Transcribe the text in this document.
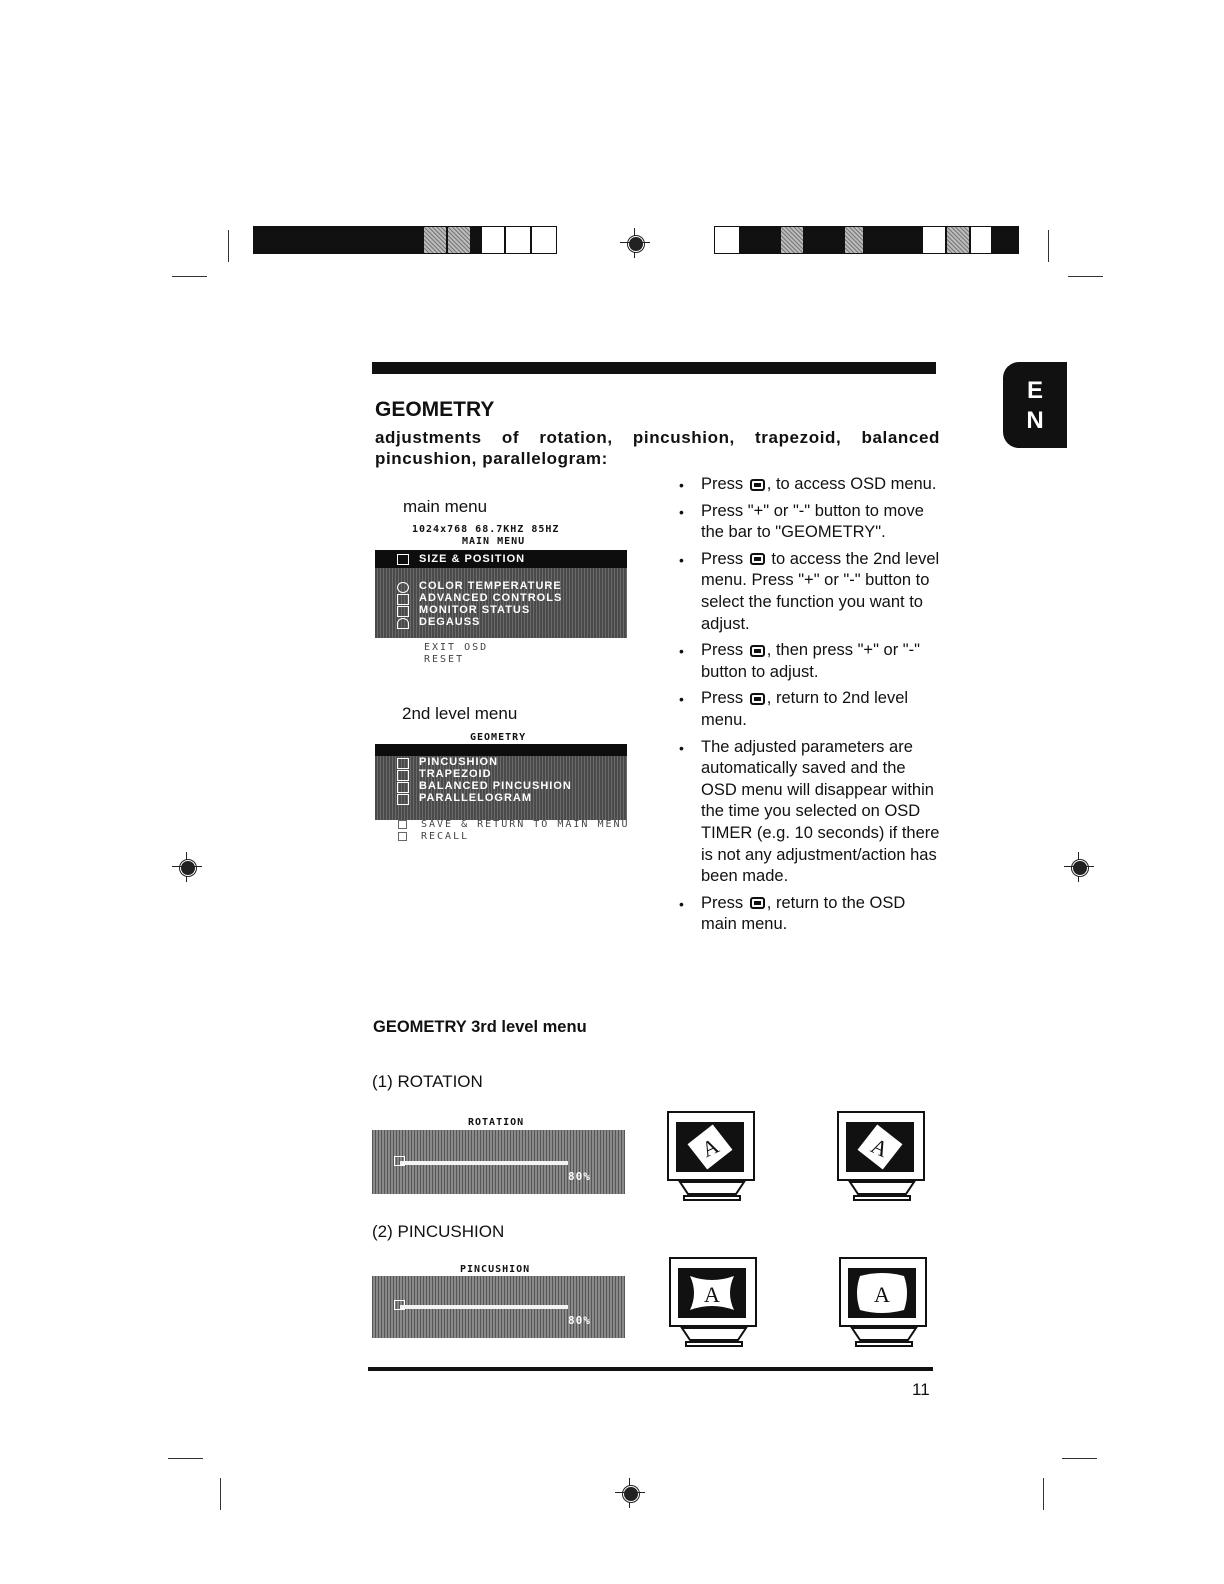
E
N
GEOMETRY

adjustments of rotation, pincushion, trapezoid, balanced pincushion, parallelogram:

main menu
1024x768 68.7KHZ 85HZ
MAIN MENU
SIZE & POSITION
COLOR TEMPERATURE
ADVANCED CONTROLS
MONITOR STATUS
DEGAUSS
EXIT OSD
RESET
2nd level menu
GEOMETRY
PINCUSHION
TRAPEZOID
BALANCED PINCUSHION
PARALLELOGRAM
SAVE & RETURN TO MAIN MENU
RECALL
• Press , to access OSD menu.
• Press "+" or "-" button to move the bar to "GEOMETRY".
• Press  to access the 2nd level menu. Press "+" or "-" button to select the function you want to adjust.
• Press , then press "+" or "-" button to adjust.
• Press , return to 2nd level menu.
• The adjusted parameters are automatically saved and the OSD menu will disappear within the time you selected on OSD TIMER (e.g. 10 seconds) if there is not any adjustment/action has been made.
• Press , return to the OSD main menu.
GEOMETRY 3rd level menu
(1) ROTATION
ROTATION
80%
A	A
(2) PINCUSHION
PINCUSHION
80%
A	A
11
